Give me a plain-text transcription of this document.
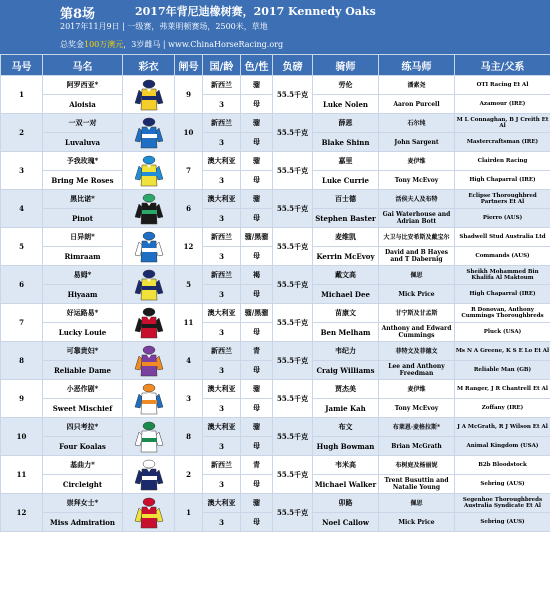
第8场	2017年背尼迪橡树赛，2017 Kennedy Oaks
2017年11月9日 | 一级赛，弗莱明顿赛场，2500米，草地
总奖金100万澳元，3岁雌马 | www.ChinaHorseRacing.org
马号	马名	彩衣	闸号	国/龄	色/性	负磅	骑师	练马师	马主/父系
1	阿罗西亚*		9	新西兰	骝	55.5千克	劳伦	潘素尧	OTI Racing Et Al
	Aloisia			3	母		Luke Nolen	Aaron Purcell	Azamour (IRE)
2	一双一对		10	新西兰	骝	55.5千克	薛恩	石尔纯	M L Connaghan, B J Creith Et Al
	Luvaluva			3	母		Blake Shinn	John Sargent	Mastercraftsman (IRE)
3	予我玫瑰*		7	澳大利亚	骝	55.5千克	嘉里	麦伊维	Clairden Racing
	Bring Me Roses			3	母		Luke Currie	Tony McEvoy	High Chaparral (IRE)
4	黑比诺*		6	澳大利亚	骝	55.5千克	百士德	活侯夫人及布特	Eclipse Thoroughbred Partners Et Al
	Pinot			3	母		Stephen Baster	Gai Waterhouse and Adrian Bott	Pierro (AUS)
5	日异朗*		12	新西兰	骝/黑骝	55.5千克	麦维凯	大卫与比安希斯及戴宝尔	Shadwell Stud Australia Ltd
	Rimraam			3	母		Kerrin McEvoy	David and B Hayes and T Dabernig	Commands (AUS)
6	易姆*		5	新西兰	褐	55.5千克	戴文高	佩思	Sheikh Mohammed Bin Khalifa Al Maktoum
	Hiyaam			3	母		Michael Dee	Mick Price	High Chaparral (IRE)
7	好运路易*		11	澳大利亚	骝/黑骝	55.5千克	苗康文	甘宁斯及甘孟斯	R Donovan, Anthony Cummings Thoroughbreds
	Lucky Louie			3	母		Ben Melham	Anthony and Edward Cummings	Pluck (USA)
8	可靠贵妇*		4	新西兰	青	55.5千克	韦纪力	菲特文及菲德文	Ms N A Greene, K S E Lo Et Al
	Reliable Dame			3	母		Craig Williams	Lee and Anthony Freedman	Reliable Man (GB)
9	小恶作剧*		3	澳大利亚	骝	55.5千克	贾杰美	麦伊维	M Ranger, J R Chantrell Et Al
	Sweet Mischief			3	母		Jamie Kah	Tony McEvoy	Zoffany (IRE)
10	四只考拉*		8	澳大利亚	骝	55.5千克	布文	布莱恩·麦格拉斯*	J A McGrath, R J Wilson Et Al
	Four Koalas			3	母		Hugh Bowman	Brian McGrath	Animal Kingdom (USA)
11	基曲力*		2	新西兰	青	55.5千克	韦米高	布树庭及杨丽妮	B2b Bloodstock
	Circleight			3	母		Michael Walker	Trent Busuttin and Natalie Young	Sebring (AUS)
12	崇拜女士*		1	澳大利亚	骝	55.5千克	卯路	佩思	Segenhoe Thoroughbreds Australia Syndicate Et Al
	Miss Admiration			3	母		Noel Callow	Mick Price	Sebring (AUS)
